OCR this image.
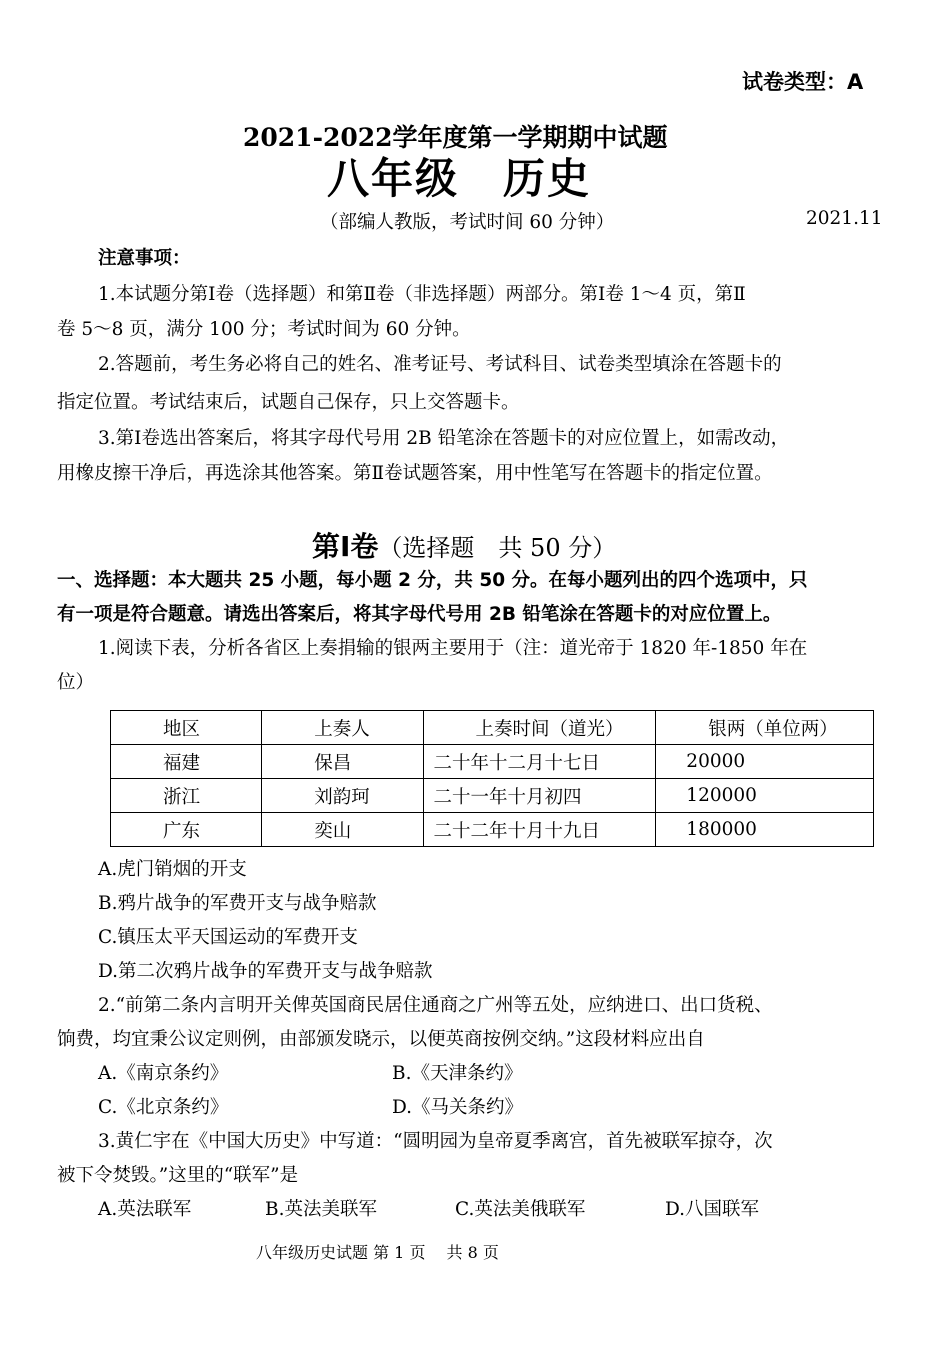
试卷类型：A
2021-2022学年度第一学期期中试题
八年级　历史
（部编人教版，考试时间 60 分钟）	2021.11
注意事项：
1.本试题分第Ⅰ卷（选择题）和第Ⅱ卷（非选择题）两部分。第Ⅰ卷 1～4 页，第Ⅱ
卷 5～8 页，满分 100 分；考试时间为 60 分钟。
2.答题前，考生务必将自己的姓名、准考证号、考试科目、试卷类型填涂在答题卡的
指定位置。考试结束后，试题自己保存，只上交答题卡。
3.第Ⅰ卷选出答案后，将其字母代号用 2B 铅笔涂在答题卡的对应位置上，如需改动，
用橡皮擦干净后，再选涂其他答案。第Ⅱ卷试题答案，用中性笔写在答题卡的指定位置。
第Ⅰ卷（选择题　共 50 分）
一、选择题：本大题共 25 小题，每小题 2 分，共 50 分。在每小题列出的四个选项中，只
有一项是符合题意。请选出答案后，将其字母代号用 2B 铅笔涂在答题卡的对应位置上。
1.阅读下表，分析各省区上奏捐输的银两主要用于（注：道光帝于 1820 年-1850 年在
位）
地区	上奏人	上奏时间（道光）	银两（单位两）
福建	保昌	二十年十二月十七日	20000
浙江	刘韵珂	二十一年十月初四	120000
广东	奕山	二十二年十月十九日	180000
A.虎门销烟的开支
B.鸦片战争的军费开支与战争赔款
C.镇压太平天国运动的军费开支
D.第二次鸦片战争的军费开支与战争赔款
2.“前第二条内言明开关俾英国商民居住通商之广州等五处，应纳进口、出口货税、
饷费，均宜秉公议定则例，由部颁发晓示，以便英商按例交纳。”这段材料应出自
A.《南京条约》	B.《天津条约》
C.《北京条约》	D.《马关条约》
3.黄仁宇在《中国大历史》中写道：“圆明园为皇帝夏季离宫，首先被联军掠夺，次
被下令焚毁。”这里的“联军”是
A.英法联军	B.英法美联军	C.英法美俄联军	D.八国联军
八年级历史试题 第 1 页　 共 8 页
